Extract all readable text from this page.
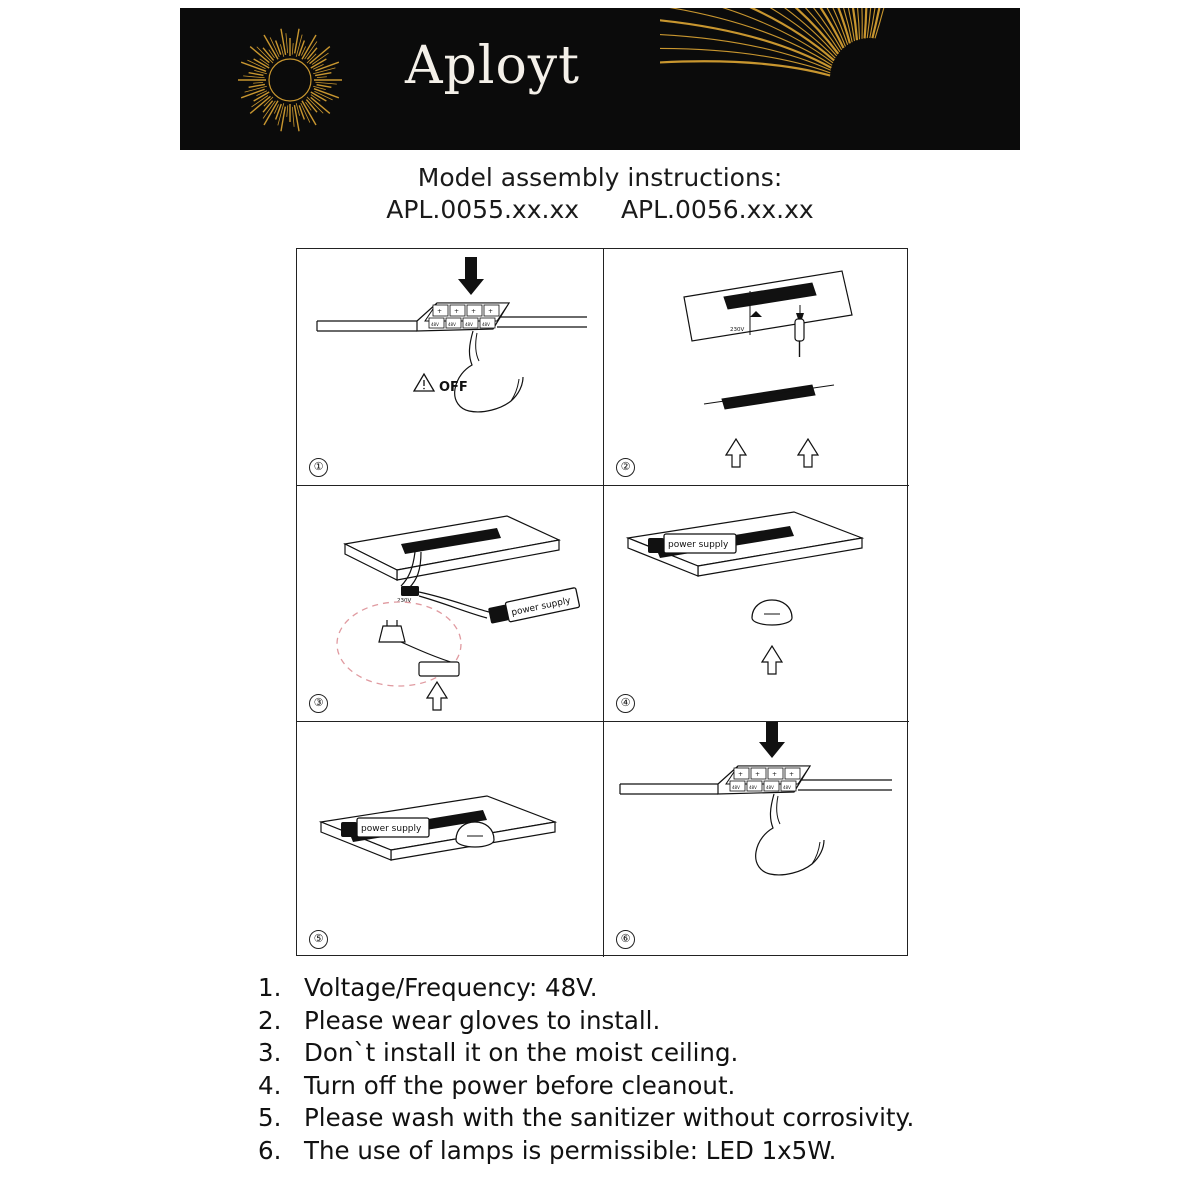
Aployt
Model assembly instructions:
APL.0055.xx.xx APL.0056.xx.xx
+ + + +
48V 48V 48V 48V
OFF
①
230V
②
230V	power supply
③
power supply
④
power supply
⑤
+ + + +
48V 48V 48V 48V
⑥
1. Voltage/Frequency: 48V.
2. Please wear gloves to install.
3. Don`t install it on the moist ceiling.
4. Turn off the power before cleanout.
5. Please wash with the sanitizer without corrosivity.
6. The use of lamps is permissible: LED 1x5W.
